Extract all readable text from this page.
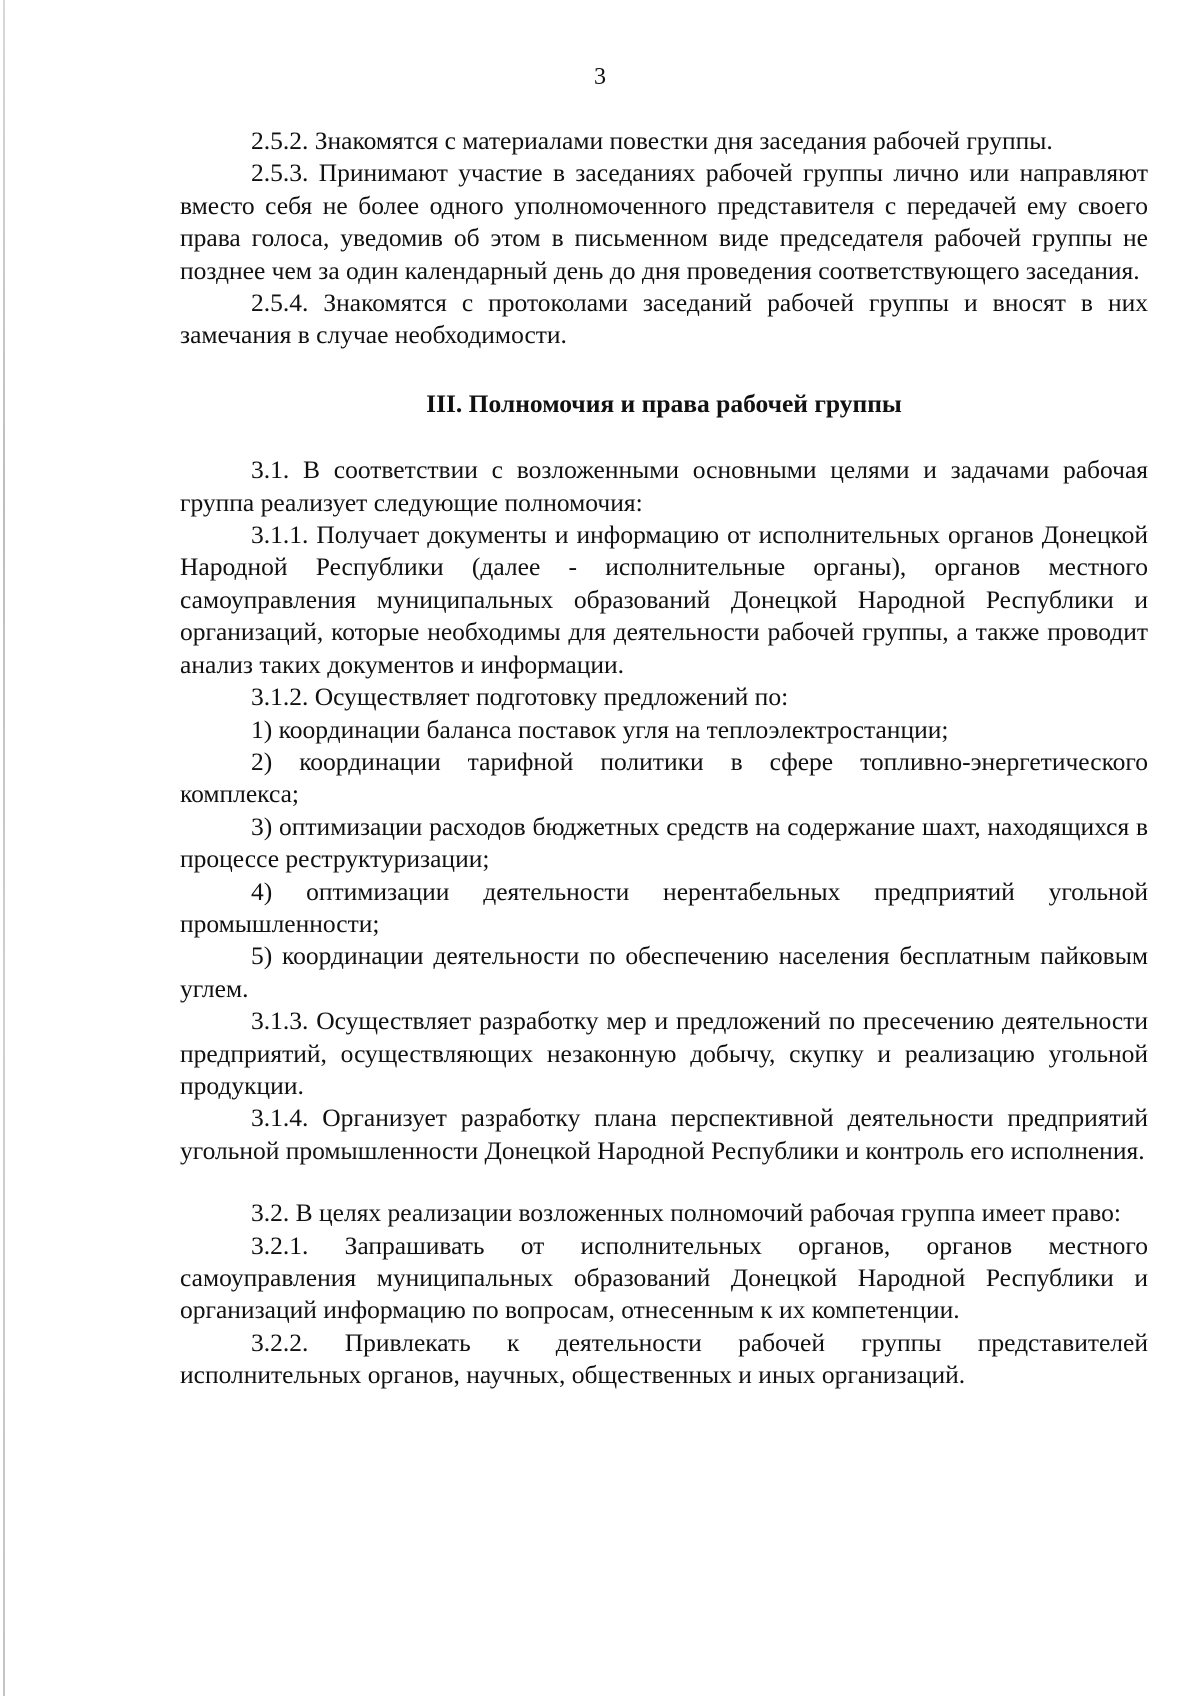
3

2.5.2. Знакомятся с материалами повестки дня заседания рабочей группы.

2.5.3. Принимают участие в заседаниях рабочей группы лично или направляют вместо себя не более одного уполномоченного представителя с передачей ему своего права голоса, уведомив об этом в письменном виде председателя рабочей группы не позднее чем за один календарный день до дня проведения соответствующего заседания.

2.5.4. Знакомятся с протоколами заседаний рабочей группы и вносят в них замечания в случае необходимости.

III. Полномочия и права рабочей группы

3.1. В соответствии с возложенными основными целями и задачами рабочая группа реализует следующие полномочия:

3.1.1. Получает документы и информацию от исполнительных органов Донецкой Народной Республики (далее - исполнительные органы), органов местного самоуправления муниципальных образований Донецкой Народной Республики и организаций, которые необходимы для деятельности рабочей группы, а также проводит анализ таких документов и информации.

3.1.2. Осуществляет подготовку предложений по:

1) координации баланса поставок угля на теплоэлектростанции;

2) координации тарифной политики в сфере топливно-энергетического комплекса;

3) оптимизации расходов бюджетных средств на содержание шахт, находящихся в процессе реструктуризации;

4) оптимизации деятельности нерентабельных предприятий угольной промышленности;

5) координации деятельности по обеспечению населения бесплатным пайковым углем.

3.1.3. Осуществляет разработку мер и предложений по пресечению деятельности предприятий, осуществляющих незаконную добычу, скупку и реализацию угольной продукции.

3.1.4. Организует разработку плана перспективной деятельности предприятий угольной промышленности Донецкой Народной Республики и контроль его исполнения.

3.2. В целях реализации возложенных полномочий рабочая группа имеет право:

3.2.1. Запрашивать от исполнительных органов, органов местного самоуправления муниципальных образований Донецкой Народной Республики и организаций информацию по вопросам, отнесенным к их компетенции.

3.2.2. Привлекать к деятельности рабочей группы представителей исполнительных органов, научных, общественных и иных организаций.
